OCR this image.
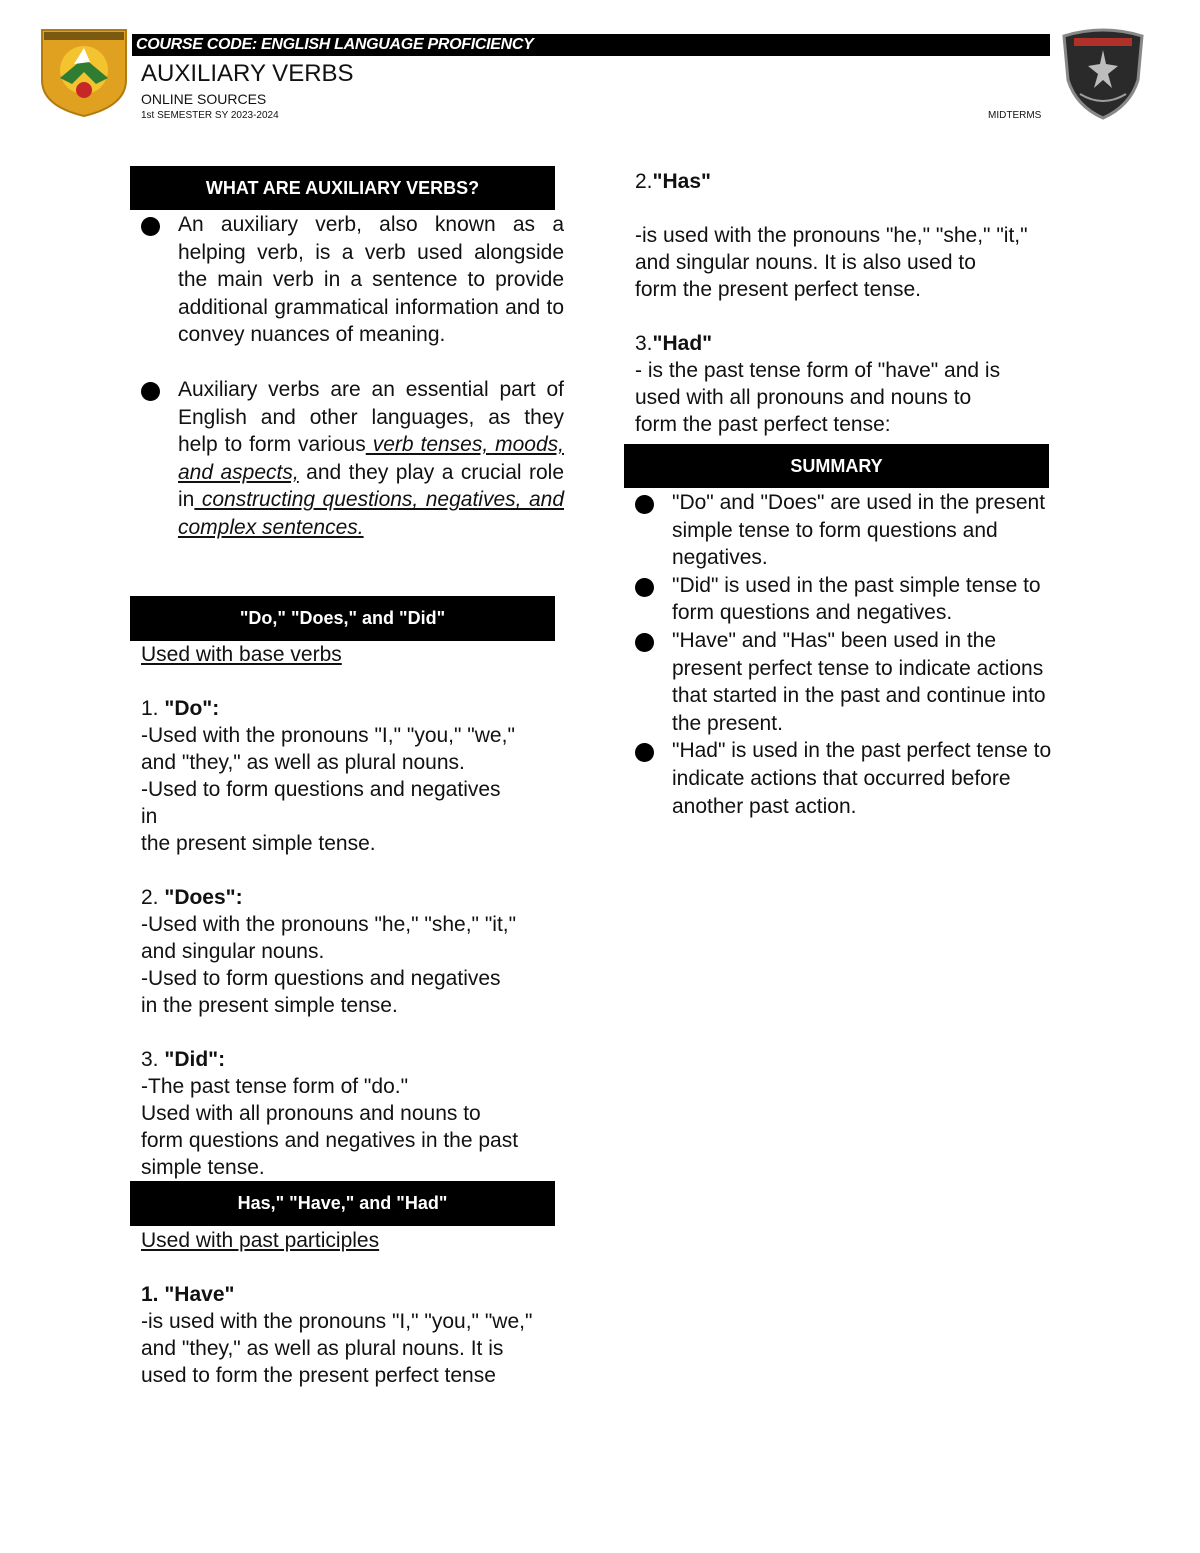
COURSE CODE: ENGLISH LANGUAGE PROFICIENCY
AUXILIARY VERBS
ONLINE SOURCES
1st SEMESTER SY 2023-2024	MIDTERMS
WHAT ARE AUXILIARY VERBS?
An auxiliary verb, also known as a helping verb, is a verb used alongside the main verb in a sentence to provide additional grammatical information and to convey nuances of meaning.
Auxiliary verbs are an essential part of English and other languages, as they help to form various verb tenses, moods, and aspects, and they play a crucial role in constructing questions, negatives, and complex sentences.
"Do," "Does," and "Did"
Used with base verbs
1. "Do":
-Used with the pronouns "I," "you," "we,"
and "they," as well as plural nouns.
-Used to form questions and negatives
in
the present simple tense.
2. "Does":
-Used with the pronouns "he," "she," "it,"
and singular nouns.
-Used to form questions and negatives
in the present simple tense.
3. "Did":
-The past tense form of "do."
Used with all pronouns and nouns to
form questions and negatives in the past
simple tense.
Has," "Have," and "Had"
Used with past participles
1. "Have"
-is used with the pronouns "I," "you," "we,"
and "they," as well as plural nouns. It is
used to form the present perfect tense
2."Has"
-is used with the pronouns "he," "she," "it,"
and singular nouns. It is also used to
form the present perfect tense.
3."Had"
- is the past tense form of "have" and is
used with all pronouns and nouns to
form the past perfect tense:
SUMMARY
"Do" and "Does" are used in the present simple tense to form questions and negatives.
"Did" is used in the past simple tense to form questions and negatives.
"Have" and "Has" been used in the present perfect tense to indicate actions that started in the past and continue into the present.
"Had" is used in the past perfect tense to indicate actions that occurred before another past action.
